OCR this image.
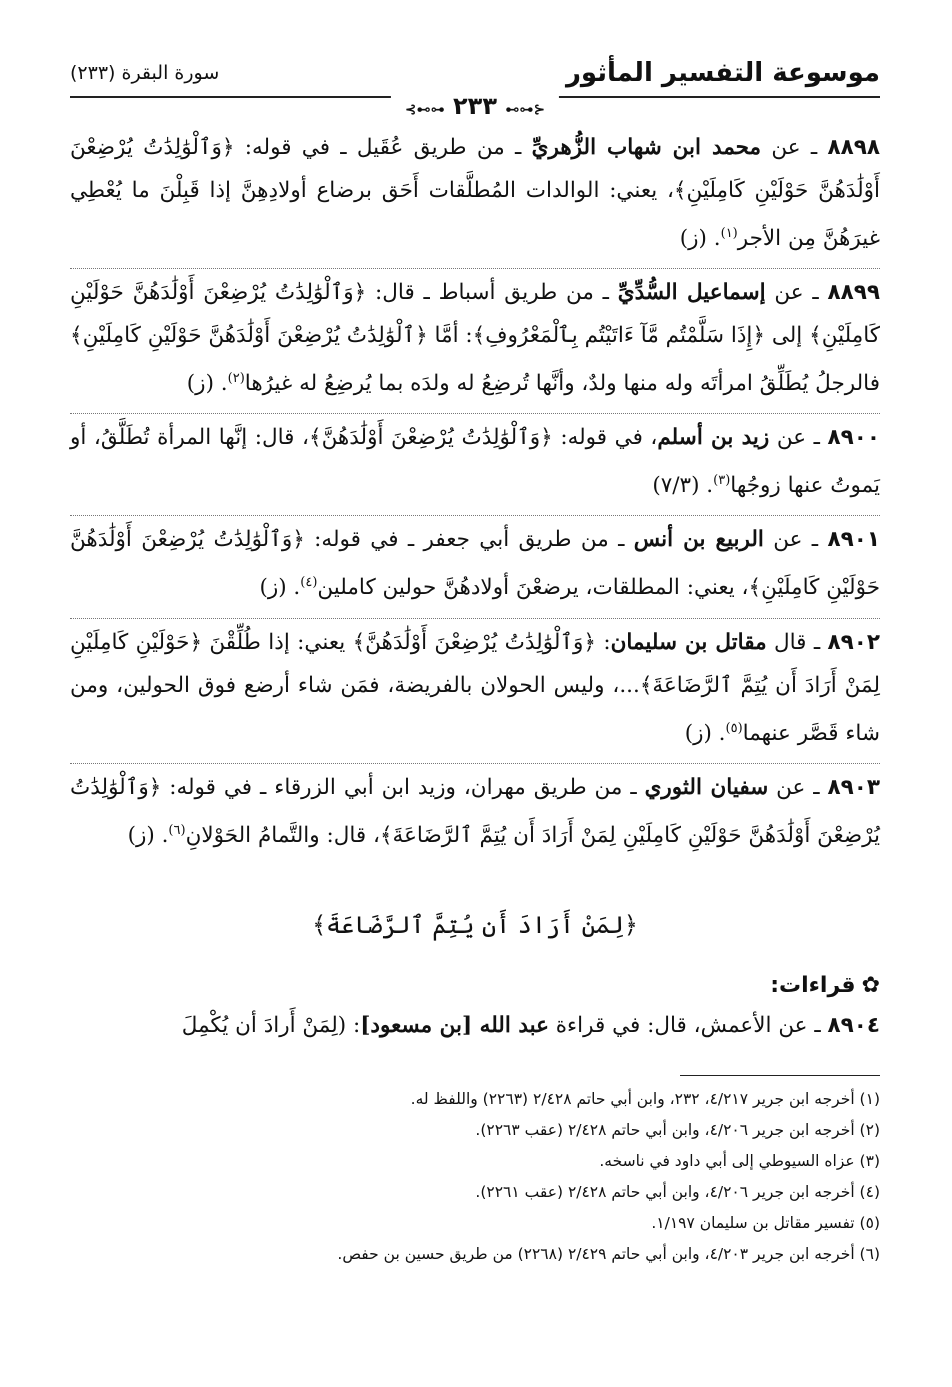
موسوعة التفسير المأثور
⊰⊷⊶ ٢٣٣ ⊷⊶⊱
سورة البقرة (٢٣٣)

٨٨٩٨ ـ عن محمد ابن شهاب الزُّهريِّ ـ من طريق عُقَيل ـ في قوله: ﴿وَٱلْوَٰلِدَٰتُ يُرْضِعْنَ أَوْلَٰدَهُنَّ حَوْلَيْنِ كَامِلَيْنِ﴾، يعني: الوالدات المُطلَّقات أَحَق برضاع أولادِهِنَّ إذا قَبِلْنَ ما يُعْطِي غيرَهُنَّ مِن الأجر$^{(١)}$. (ز)

٨٨٩٩ ـ عن إسماعيل السُّدِّيِّ ـ من طريق أسباط ـ قال: ﴿وَٱلْوَٰلِدَٰتُ يُرْضِعْنَ أَوْلَٰدَهُنَّ حَوْلَيْنِ كَامِلَيْنِ﴾ إلى ﴿إِذَا سَلَّمْتُم مَّآ ءَاتَيْتُم بِٱلْمَعْرُوفِ﴾: أمَّا ﴿ٱلْوَٰلِدَٰتُ يُرْضِعْنَ أَوْلَٰدَهُنَّ حَوْلَيْنِ كَامِلَيْنِ﴾ فالرجلُ يُطَلِّقُ امرأتَه وله منها ولدٌ، وأنَّها تُرضِعُ له ولدَه بما يُرضِعُ له غيرُها$^{(٢)}$. (ز)

٨٩٠٠ ـ عن زيد بن أسلم، في قوله: ﴿وَٱلْوَٰلِدَٰتُ يُرْضِعْنَ أَوْلَٰدَهُنَّ﴾، قال: إنَّها المرأة تُطَلَّقُ، أو يَموتُ عنها زوجُها$^{(٣)}$. (٧/٣)

٨٩٠١ ـ عن الربيع بن أنس ـ من طريق أبي جعفر ـ في قوله: ﴿وَٱلْوَٰلِدَٰتُ يُرْضِعْنَ أَوْلَٰدَهُنَّ حَوْلَيْنِ كَامِلَيْنِ﴾، يعني: المطلقات، يرضعْنَ أولادهُنَّ حولين كاملين$^{(٤)}$. (ز)

٨٩٠٢ ـ قال مقاتل بن سليمان: ﴿وَٱلْوَٰلِدَٰتُ يُرْضِعْنَ أَوْلَٰدَهُنَّ﴾ يعني: إذا طُلِّقْنَ ﴿حَوْلَيْنِ كَامِلَيْنِ لِمَنْ أَرَادَ أَن يُتِمَّ ٱلرَّضَاعَةَ﴾...، وليس الحولان بالفريضة، فمَن شاء أرضع فوق الحولين، ومن شاء قَصَّر عنهما$^{(٥)}$. (ز)

٨٩٠٣ ـ عن سفيان الثوري ـ من طريق مهران، وزيد ابن أبي الزرقاء ـ في قوله: ﴿وَٱلْوَٰلِدَٰتُ يُرْضِعْنَ أَوْلَٰدَهُنَّ حَوْلَيْنِ كَامِلَيْنِ لِمَنْ أَرَادَ أَن يُتِمَّ ٱلرَّضَاعَةَ﴾، قال: والتَّمامُ الحَوْلانِ$^{(٦)}$. (ز)

﴿لِمَنْ أَرَادَ أَن يُتِمَّ ٱلرَّضَاعَةَ﴾
✿قراءات:

٨٩٠٤ ـ عن الأعمش، قال: في قراءة عبد الله [بن مسعود]: (لِمَنْ أَرادَ أن يُكْمِلَ

(١) أخرجه ابن جرير ٤/٢١٧، ٢٣٢، وابن أبي حاتم ٢/٤٢٨ (٢٢٦٣) واللفظ له.
(٢) أخرجه ابن جرير ٤/٢٠٦، وابن أبي حاتم ٢/٤٢٨ (عقب ٢٢٦٣).
(٣) عزاه السيوطي إلى أبي داود في ناسخه.
(٤) أخرجه ابن جرير ٤/٢٠٦، وابن أبي حاتم ٢/٤٢٨ (عقب ٢٢٦١).
(٥) تفسير مقاتل بن سليمان ١/١٩٧.
(٦) أخرجه ابن جرير ٤/٢٠٣، وابن أبي حاتم ٢/٤٢٩ (٢٢٦٨) من طريق حسين بن حفص.
